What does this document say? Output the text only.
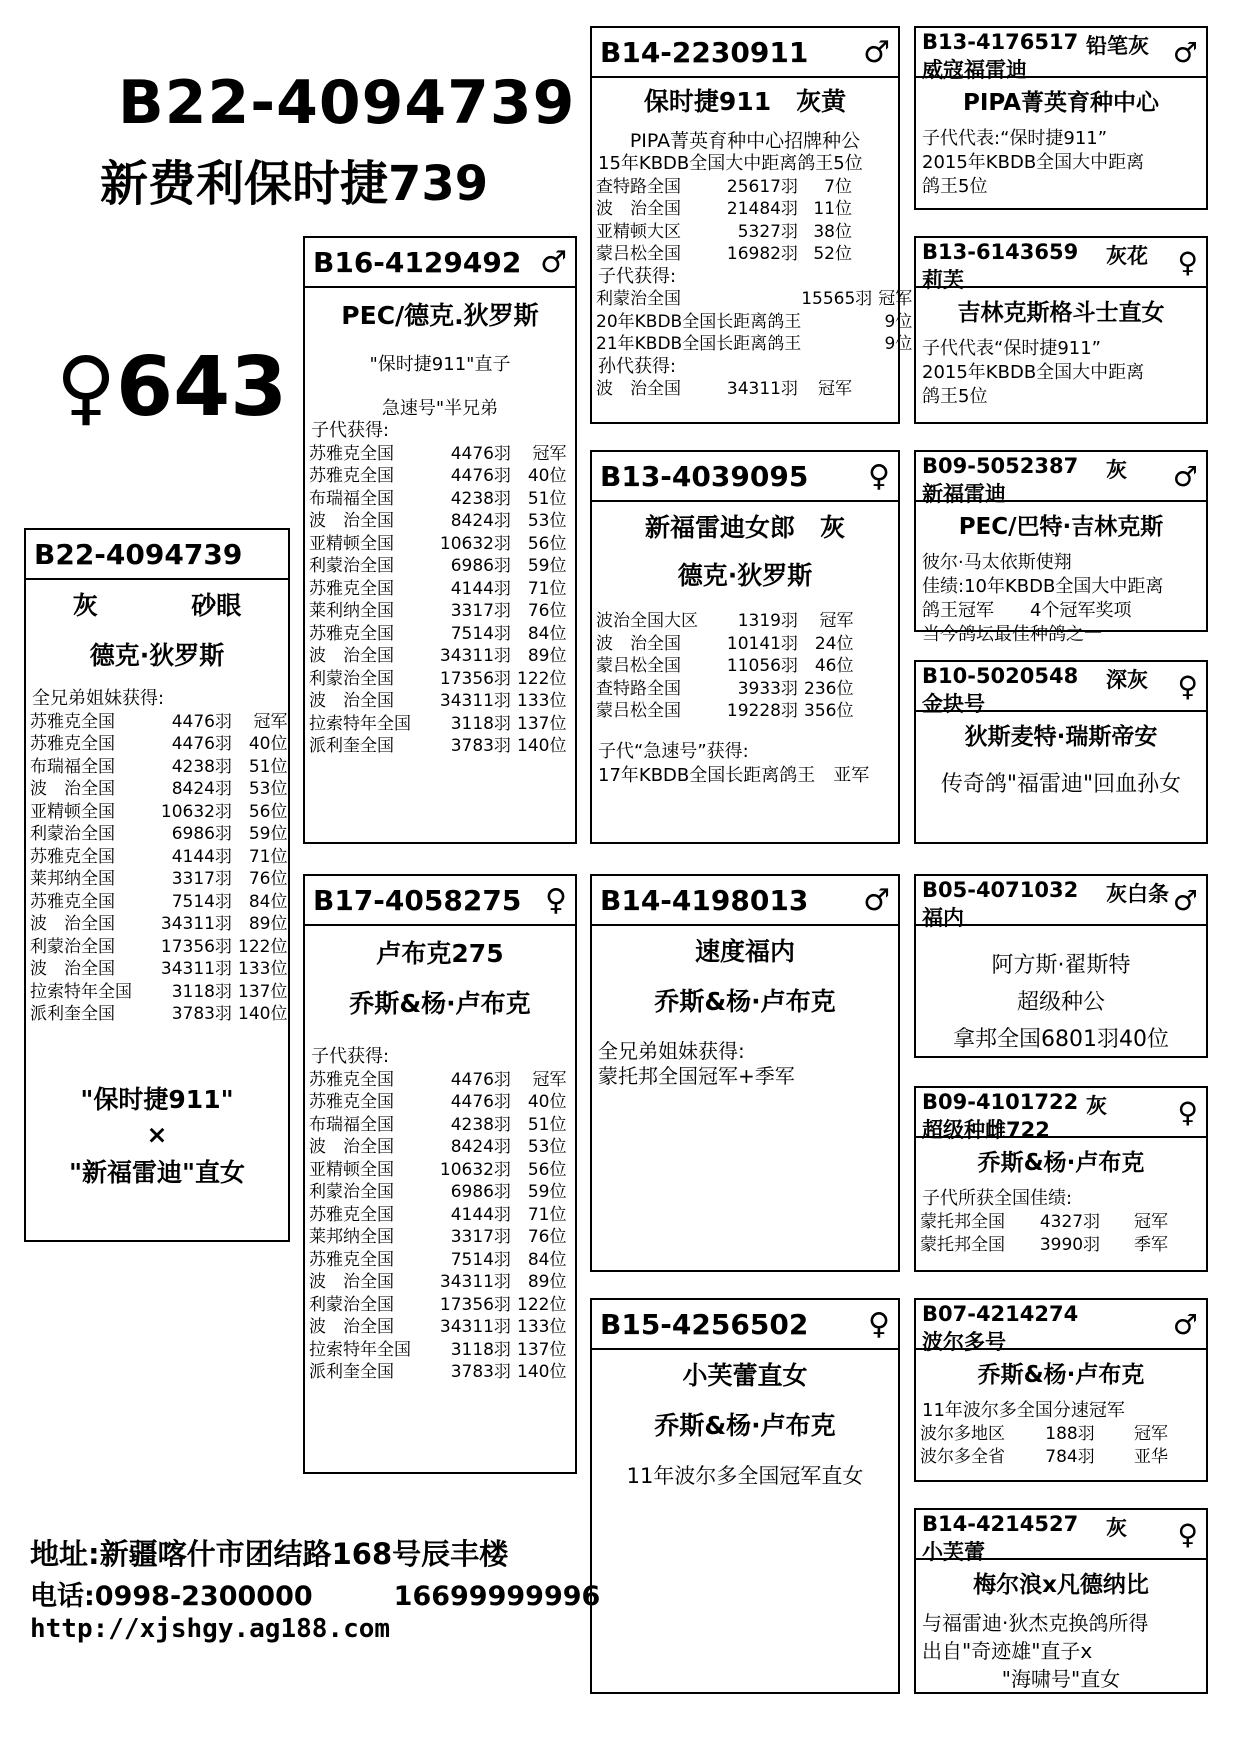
B22-4094739
新费利保时捷739
♀643
B22-4094739
灰	砂眼
德克·狄罗斯
全兄弟姐妹获得:
苏雅克全国	4476羽	冠军
苏雅克全国	4476羽	40位
布瑞福全国	4238羽	51位
波　治全国	8424羽	53位
亚精顿全国	10632羽	56位
利蒙治全国	6986羽	59位
苏雅克全国	4144羽	71位
莱邦纳全国	3317羽	76位
苏雅克全国	7514羽	84位
波　治全国	34311羽	89位
利蒙治全国	17356羽	122位
波　治全国	34311羽	133位
拉索特年全国	3118羽	137位
派利奎全国	3783羽	140位
"保时捷911"
×
"新福雷迪"直女
B16-4129492 ♂
PEC/德克.狄罗斯
"保时捷911"直子
急速号"半兄弟
子代获得:
苏雅克全国	4476羽	冠军
苏雅克全国	4476羽	40位
布瑞福全国	4238羽	51位
波　治全国	8424羽	53位
亚精顿全国	10632羽	56位
利蒙治全国	6986羽	59位
苏雅克全国	4144羽	71位
莱利纳全国	3317羽	76位
苏雅克全国	7514羽	84位
波　治全国	34311羽	89位
利蒙治全国	17356羽	122位
波　治全国	34311羽	133位
拉索特年全国	3118羽	137位
派利奎全国	3783羽	140位
B17-4058275 ♀
卢布克275
乔斯&杨·卢布克
子代获得:
苏雅克全国	4476羽	冠军
苏雅克全国	4476羽	40位
布瑞福全国	4238羽	51位
波　治全国	8424羽	53位
亚精顿全国	10632羽	56位
利蒙治全国	6986羽	59位
苏雅克全国	4144羽	71位
莱邦纳全国	3317羽	76位
苏雅克全国	7514羽	84位
波　治全国	34311羽	89位
利蒙治全国	17356羽	122位
波　治全国	34311羽	133位
拉索特年全国	3118羽	137位
派利奎全国	3783羽	140位
B14-2230911	♂
保时捷911　灰黄
PIPA菁英育种中心招牌种公
15年KBDB全国大中距离鸽王5位
查特路全国	25617羽	7位
波　治全国	21484羽	11位
亚精顿大区	5327羽	38位
蒙吕松全国	16982羽	52位
子代获得:
利蒙治全国	15565羽	冠军
20年KBDB全国长距离鸽王		9位
21年KBDB全国长距离鸽王		9位
孙代获得:
波　治全国	34311羽	冠军
B13-4039095	♀
新福雷迪女郎　灰
德克·狄罗斯
波治全国大区	1319羽	冠军
波　治全国	10141羽	24位
蒙吕松全国	11056羽	46位
查特路全国	3933羽	236位
蒙吕松全国	19228羽	356位
子代“急速号”获得:
17年KBDB全国长距离鸽王　亚军
B14-4198013	♂
速度福内
乔斯&杨·卢布克
全兄弟姐妹获得:
蒙托邦全国冠军+季军
B15-4256502	♀
小芙蕾直女
乔斯&杨·卢布克
11年波尔多全国冠军直女
B13-4176517 铅笔灰
威寇福雷迪
♂
PIPA菁英育种中心
子代代表:“保时捷911”
2015年KBDB全国大中距离
鸽王5位
B13-6143659 灰花
莉芙
♀
吉林克斯格斗士直女
子代代表“保时捷911”
2015年KBDB全国大中距离
鸽王5位
B09-5052387 灰
新福雷迪
♂
PEC/巴特·吉林克斯
彼尔·马太依斯使翔
佳绩:10年KBDB全国大中距离
鸽王冠军　　4个冠军奖项
当今鸽坛最佳种鸽之一
B10-5020548 深灰
金块号
♀
狄斯麦特·瑞斯帝安
传奇鸽"福雷迪"回血孙女
B05-4071032 灰白条
福内
♂
阿方斯·翟斯特
超级种公
拿邦全国6801羽40位
B09-4101722 灰
超级种雌722
♀
乔斯&杨·卢布克
子代所获全国佳绩:
蒙托邦全国	4327羽	冠军
蒙托邦全国	3990羽	季军
B07-4214274
波尔多号
♂
乔斯&杨·卢布克
11年波尔多全国分速冠军
波尔多地区	188羽	冠军
波尔多全省	784羽	亚华
B14-4214527 灰
小芙蕾
♀
梅尔浪x凡德纳比
与福雷迪·狄杰克换鸽所得
出自"奇迹雄"直子x
"海啸号"直女
地址:新疆喀什市团结路168号辰丰楼
电话:0998-2300000　　　16699999996
http://xjshgy.ag188.com
